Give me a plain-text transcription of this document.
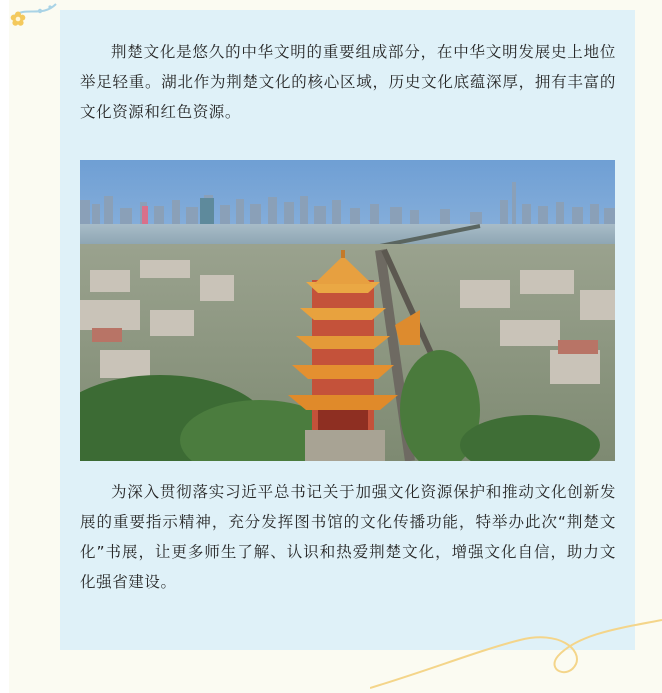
荆楚文化是悠久的中华文明的重要组成部分，在中华文明发展史上地位举足轻重。湖北作为荆楚文化的核心区域，历史文化底蕴深厚，拥有丰富的文化资源和红色资源。

为深入贯彻落实习近平总书记关于加强文化资源保护和推动文化创新发展的重要指示精神，充分发挥图书馆的文化传播功能，特举办此次“荆楚文化”书展，让更多师生了解、认识和热爱荆楚文化，增强文化自信，助力文化强省建设。
